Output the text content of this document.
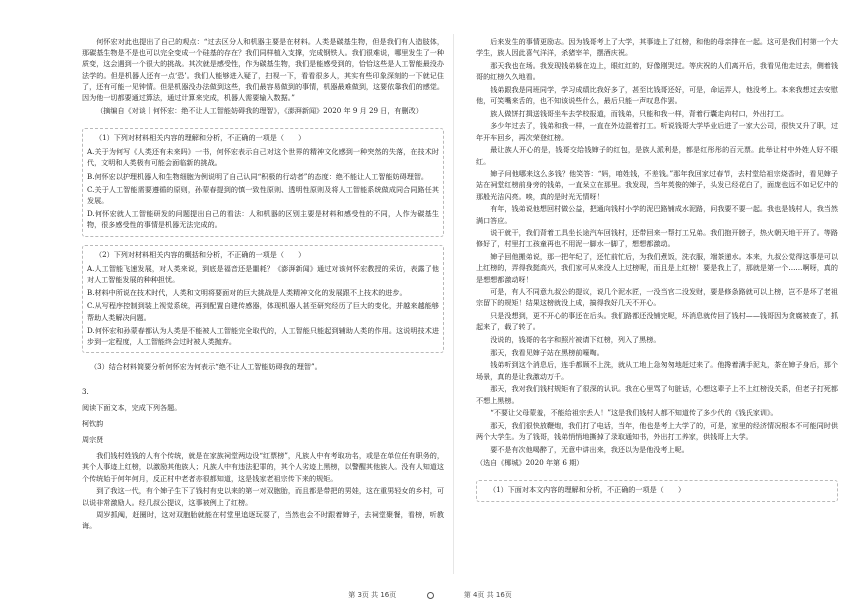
何怀宏对此也提出了自己的观点：“过去区分人和机器主要是在材料。人类是碳基生物，但是我们有人造肢体，那碳基生物是不是也可以完全变成一个硅基的存在？我们同样植入支撑，完成钢铁人。我们很难说，哪里发生了一种质变，这会遇到一个很大的挑战。其次就是感受性，作为碳基生物，我们是能感受到的，恰恰这些是人工智能最没办法学的。但是机器人还有一点‘恐’。我们人能够进入疑了，扫视一下，看看很多人，其实有些印象深刻的一下就记住了，还有可能一见钟情。但是机器没办法做到这些，我们最容易做到的事情，机器最难做到，这要依靠我们的感觉。因为他一切都要通过算法，通过计算来完成，机器人需要输入数据。”

（摘编自《对谈｜何怀宏：绝不让人工智能妨碍我的理智》，《澎湃新闻》2020 年 9 月 29 日，有删改）

（1）下列对材料相关内容的理解和分析，不正确的一项是（　　）

A.关于为何写《人类还有未来吗》一书，何怀宏表示自己对这个世界的精神文化感到一种突然的失落，在技术时代，文明和人类极有可能会面临新的挑战。

B.何怀宏以护理机器人和生物细胞为例说明了自己认同“积极的行动者”的态度：绝不能让人工智能妨碍理智。

C.关于人工智能需要遵循的原则，孙蒙春提到的慎一致性原则、透明性原则及将人工智能系统做成同合同路任其发展。

D.何怀宏就人工智能研发的问题提出自己的看法：人和机器的区别主要是材料和感受性的不同，人作为碳基生物，很多感受性的事情是机器无法完成的。

（2）下列对材料相关内容的概括和分析，不正确的一项是（　　）

A.人工智能飞速发展，对人类来说，到底是福音还是噩耗？《澎湃新闻》通过对该何怀宏教授的采访，表露了他对人工智能发展的种种担忧。

B.材料中所说在技术时代，人类和文明将要面对的巨大挑战是人类精神文化的发展跟不上技术的进步。

C.从写程序控制到装上视觉系统，再到配置自建传感器，体现机器人甚至研究经历了巨大的变化，并越来越能够帮助人类解决问题。

D.何怀宏和孙蒙春都认为人类是不能被人工智能完全取代的，人工智能只能起到辅助人类的作用。这说明技术进步到一定程度，人工智能终会过时被人类抛弃。

（3）结合材料简要分析何怀宏为何表示“绝不让人工智能妨碍我的理智”。

3.

阅读下面文本，完成下列各题。

柯钦韵

周宗贤

我们钱村姓钱的人有个传统，就是在家族祠堂两边设“红票榜”，凡族人中有考取功名，或是在单位任有职务的，其个人事迹上红榜，以激励其他族人；凡族人中有违法犯罪的，其个人劣迹上黑榜，以警醒其他族人。没有人知道这个传统始于何年何月，反正村中老者亦很都知道，这是钱家老祖宗传下来的规矩。

到了我这一代，有个婶子生下了钱村有史以来的第一对双胞胎，而且都是带把的男娃，这在重男轻女的乡村，可以说非常激励人。经几叔公提议，这事被例上了红榜。

周岁抓阄，赶圈时，这对双胞胎就能在村堂里追逐玩耍了，当然也会不时跟着婶子，去祠堂聚餐，看榜，听教诲。

后来发生的事情更励志。因为钱哥考上了大学，其事迹上了红榜，和他的母亲排在一起。这可是我们村第一个大学生，族人因此喜气洋洋，杀猪宰羊，摆酒庆祝。

那天我也在场。我发现钱弟躲在边上，眼红红的，好像刚哭过。等庆祝的人们离开后，我看见他走过去，侧着钱哥的红榜久久地看。

钱弟跟我是同班同学，学习成绩比我好多了，甚至比钱哥还好，可是，命运弄人，他没考上。本来我想过去安慰他，可笑嘴来舌的，也不知该说些什么，最后只能一声叹息作罢。

族人做饼打揖送钱哥坐车去学校报道，而钱弟，只能和我一样，背着行囊走向村口，外出打工。

多少年过去了，钱弟和我一样，一直在外边混着打工。听说钱哥大学毕业后进了一家大公司，很快又升了职，过年开车回乡，再次荣登红榜。

最让族人开心的是，钱哥交给钱婶子的红包，是族人派利是，都是红彤彤的百元票。此举让村中外姓人好不眼红。

婶子问他哪来这么多钱？他笑答：“妈，咱姓钱，不差钱。”那年我回家过春节，去村堂给祖宗烧香时，看见婶子站在祠堂红榜前身旁的钱弟，一直呆立在那里。我发现，当年英俊的婶子，头发已经花白了，面庞也远不如记忆中的那般光洁闪亮。唉，真的是时光无情呀！

有年，钱弟说他想回村做公益，把通向钱村小学的泥巴路铺成水泥路，问我要不要一起。我也是钱村人，我当然满口答应。

说干就干，我们背着工具坐长途汽车回钱村，还带回来一帮打工兄弟。我们抱开膀子，热火朝天地干开了。等路修好了，村里打工孩童再也不用泥一脚水一脚了，想想都激动。

婶子回他搬弟说，那一把年纪了，还忙前忙后，为我们煮饭，洗衣服，端茶递水。本来，九叔公觉得这事是可以上红榜的，弄得我挺高兴，我们家可从来没人上过榜呢，而且是上红榜！要是我上了，那就是第一个……啊呀，真的是想想都激动呀！

可是，有人不同意九叔公的提议，说几个泥水匠，一没当官二没发财，要是修条路就可以上榜，岂不是坏了老祖宗留下的规矩！结果这榜就没上成，搞得我好几天不开心。

只是没想到，更不开心的事还在后头。我们路都还没铺完呢，坏消息就传回了钱村——钱哥因为贪腐被查了，抓起来了，载了转了。

没说的，钱哥的名字和照片被请下红榜，列入了黑榜。

那天，我看见婶子站在黑榜前嚎啕。

钱弟听到这个消息后，连手都顾不上洗，就从工地上急匆匆地赶过来了。他搀着满手泥丸，茶在婶子身后，那个场景，真的是让我激动万千。

那天，我对我们钱村规矩有了很深的认识。我在心里骂了句脏话，心想这辈子上不上红榜没关系，但老子打死都不想上黑榜。

“不要让父母蒙羞，不能给祖宗丢人！”这是我们钱村人都不知道传了多少代的《钱氏家训》。

那天，我们很快放鞭炮，我们打了电话，当年，他也是考上大学了的，可是，家里的经济情况根本不可能同时供两个大学生。为了钱哥，钱弟悄悄地撕掉了录取通知书，外出打工养家，供钱哥上大学。

要不是有次他喝醉了，无意中讲出来，我还以为是他没考上呢。

（选自《椰城》2020 年第 6 期）

（1）下面对本文内容的理解和分析，不正确的一项是（　　）

第 3页 共 16页	第 4页 共 16页
